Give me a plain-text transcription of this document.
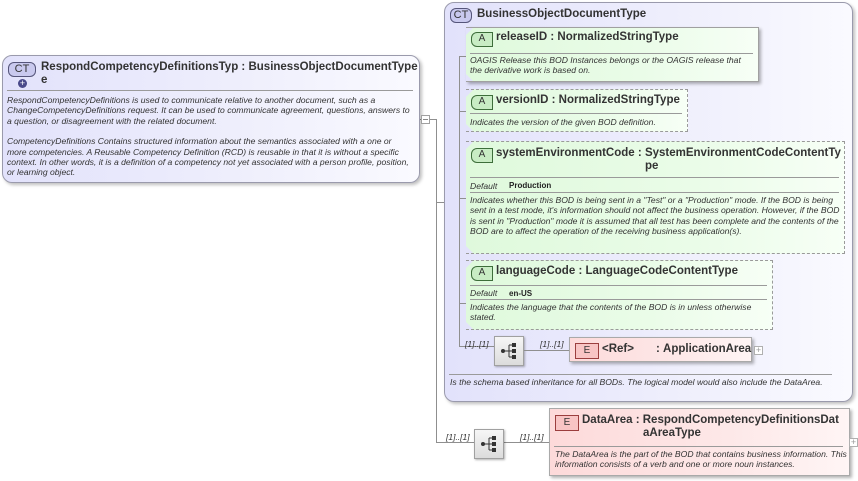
CT+
RespondCompetencyDefinitionsTyp : BusinessObjectDocumentType
e
RespondCompetencyDefinitions is used to communicate relative to another document, such as a ChangeCompetencyDefinitions request. It can be used to communicate agreement, questions, answers to a question, or disagreement with the related document.
CompetencyDefinitions Contains structured information about the semantics associated with a one or more competencies. A Reusable Competency Definition (RCD) is reusable in that it is without a specific context. In other words, it is a definition of a competency not yet associated with a person profile, position, or learning object.
CT BusinessObjectDocumentType
Is the schema based inheritance for all BODs. The logical model would also include the DataArea.
A releaseID : NormalizedStringType
OAGIS Release this BOD Instances belongs or the OAGIS release that the derivative work is based on.
A versionID : NormalizedStringType
Indicates the version of the given BOD definition.
A systemEnvironmentCode : SystemEnvironmentCodeContentTy
pe
Default Production
Indicates whether this BOD is being sent in a "Test" or a "Production" mode. If the BOD is being sent in a test mode, it's information should not affect the business operation. However, if the BOD is sent in "Production" mode it is assumed that all test has been complete and the contents of the BOD are to affect the operation of the receiving business application(s).
A languageCode : LanguageCodeContentType
Default en-US
Indicates the language that the contents of the BOD is in unless otherwise stated.
[1]..[1]	[1]..[1]
E	<Ref> : ApplicationArea +
[1]..[1]	[1]..[1]
E	DataArea : RespondCompetencyDefinitionsDat
aAreaType
The DataArea is the part of the BOD that contains business information. This information consists of a verb and one or more noun instances.
+
